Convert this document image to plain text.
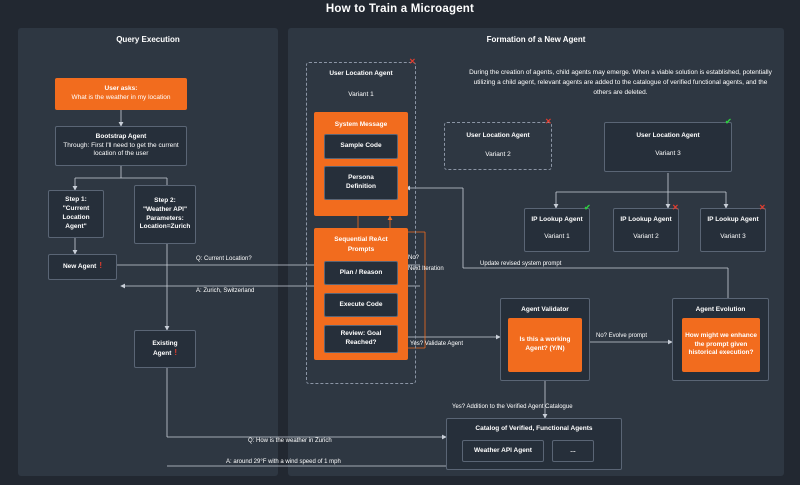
How to Train a Microagent
Query Execution	Formation of a New Agent
User asks:
What is the weather in my location
Bootstrap Agent
Through: First I'll need to get the current location of the user
Step 1:
"Current Location
Agent"
Step 2:
"Weather API"
Parameters:
Location=Zurich
New Agent !
Existing
Agent !
Q: Current Location?
A: Zurich, Switzerland
Q: How is the weather in Zurich
A: around 29°F with a wind speed of 1 mph
During the creation of agents, child agents may emerge. When a viable solution is established, potentially utilizing a child agent, relevant agents are added to the catalogue of verified functional agents, and the others are deleted.
User Location Agent
Variant 1
✕
System Message
Sample Code
Persona
Definition
Sequential ReAct
Prompts
Plan / Reason
Execute Code
Review: Goal
Reached?
User Location Agent
Variant 2
✕
User Location Agent
Variant 3
✔
IP Lookup Agent
Variant 1
✔
IP Lookup Agent
Variant 2
✕
IP Lookup Agent
Variant 3
✕
Agent Validator
Is this a working Agent? (Y/N)
Agent Evolution
How might we enhance the prompt given historical execution?
Catalog of Verified, Functional Agents
Weather API Agent	...
No?
Next Iteration
Yes? Validate Agent
No? Evolve prompt
Update revised system prompt
Yes? Addition to the Verified Agent Catalogue
